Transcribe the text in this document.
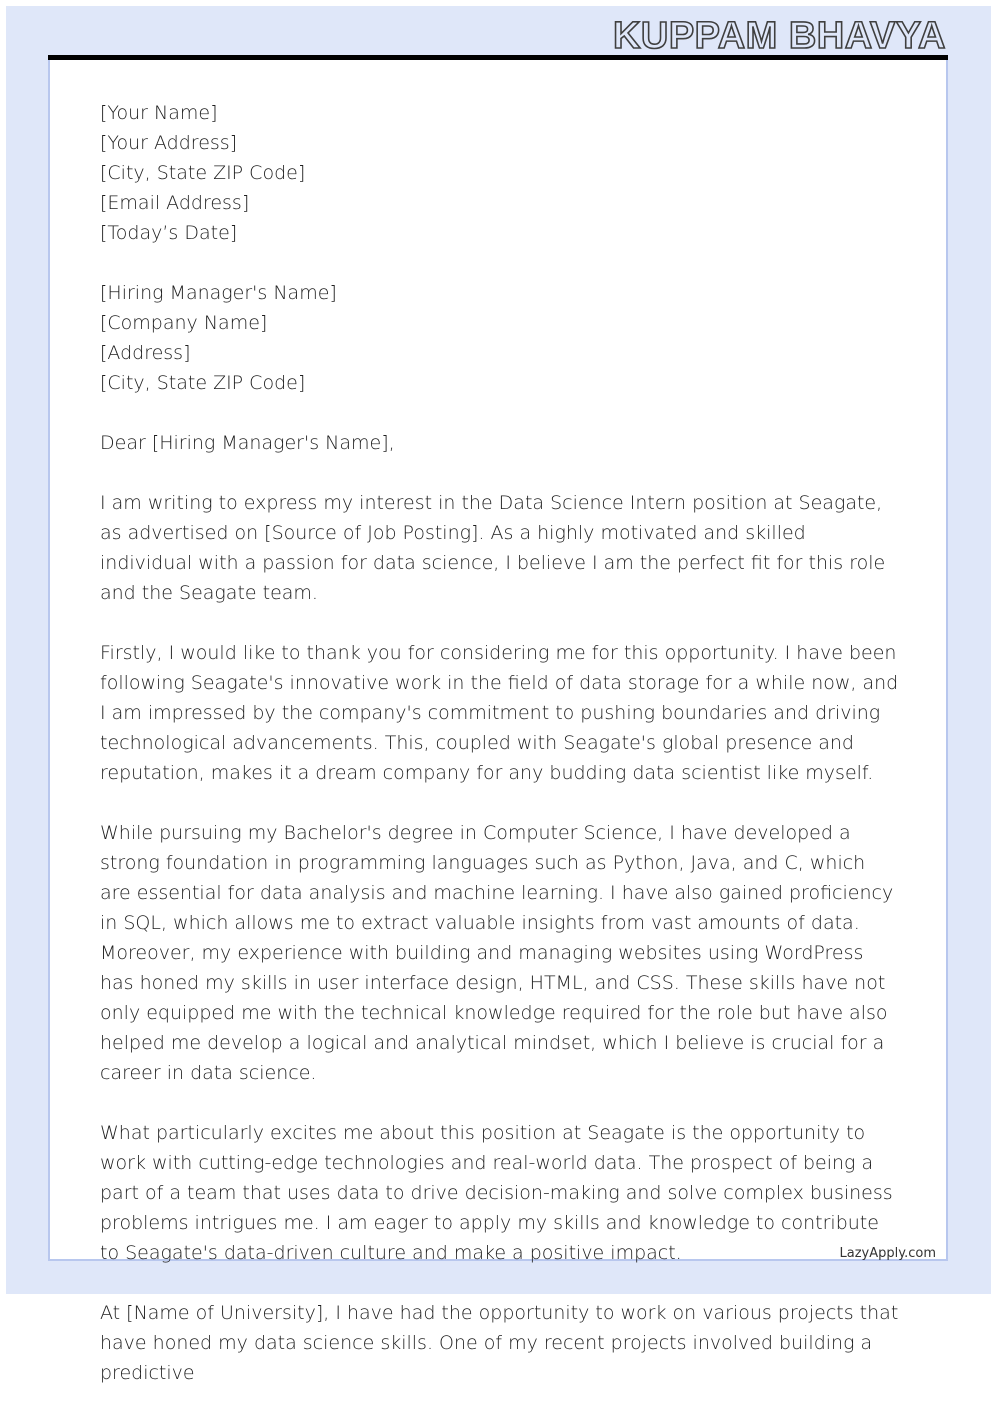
KUPPAM BHAVYA

[Your Name]
[Your Address]
[City, State ZIP Code]
[Email Address]
[Today’s Date]

[Hiring Manager's Name]
[Company Name]
[Address]
[City, State ZIP Code]

Dear [Hiring Manager's Name],

I am writing to express my interest in the Data Science Intern position at Seagate, as advertised on [Source of Job Posting]. As a highly motivated and skilled individual with a passion for data science, I believe I am the perfect fit for this role and the Seagate team.

Firstly, I would like to thank you for considering me for this opportunity. I have been following Seagate's innovative work in the field of data storage for a while now, and I am impressed by the company's commitment to pushing boundaries and driving technological advancements. This, coupled with Seagate's global presence and reputation, makes it a dream company for any budding data scientist like myself.

While pursuing my Bachelor's degree in Computer Science, I have developed a strong foundation in programming languages such as Python, Java, and C, which are essential for data analysis and machine learning. I have also gained proficiency in SQL, which allows me to extract valuable insights from vast amounts of data. Moreover, my experience with building and managing websites using WordPress has honed my skills in user interface design, HTML, and CSS. These skills have not only equipped me with the technical knowledge required for the role but have also helped me develop a logical and analytical mindset, which I believe is crucial for a career in data science.

What particularly excites me about this position at Seagate is the opportunity to work with cutting-edge technologies and real-world data. The prospect of being a part of a team that uses data to drive decision-making and solve complex business problems intrigues me. I am eager to apply my skills and knowledge to contribute to Seagate's data-driven culture and make a positive impact.

At [Name of University], I have had the opportunity to work on various projects that have honed my data science skills. One of my recent projects involved building a predictive

LazyApply.com
